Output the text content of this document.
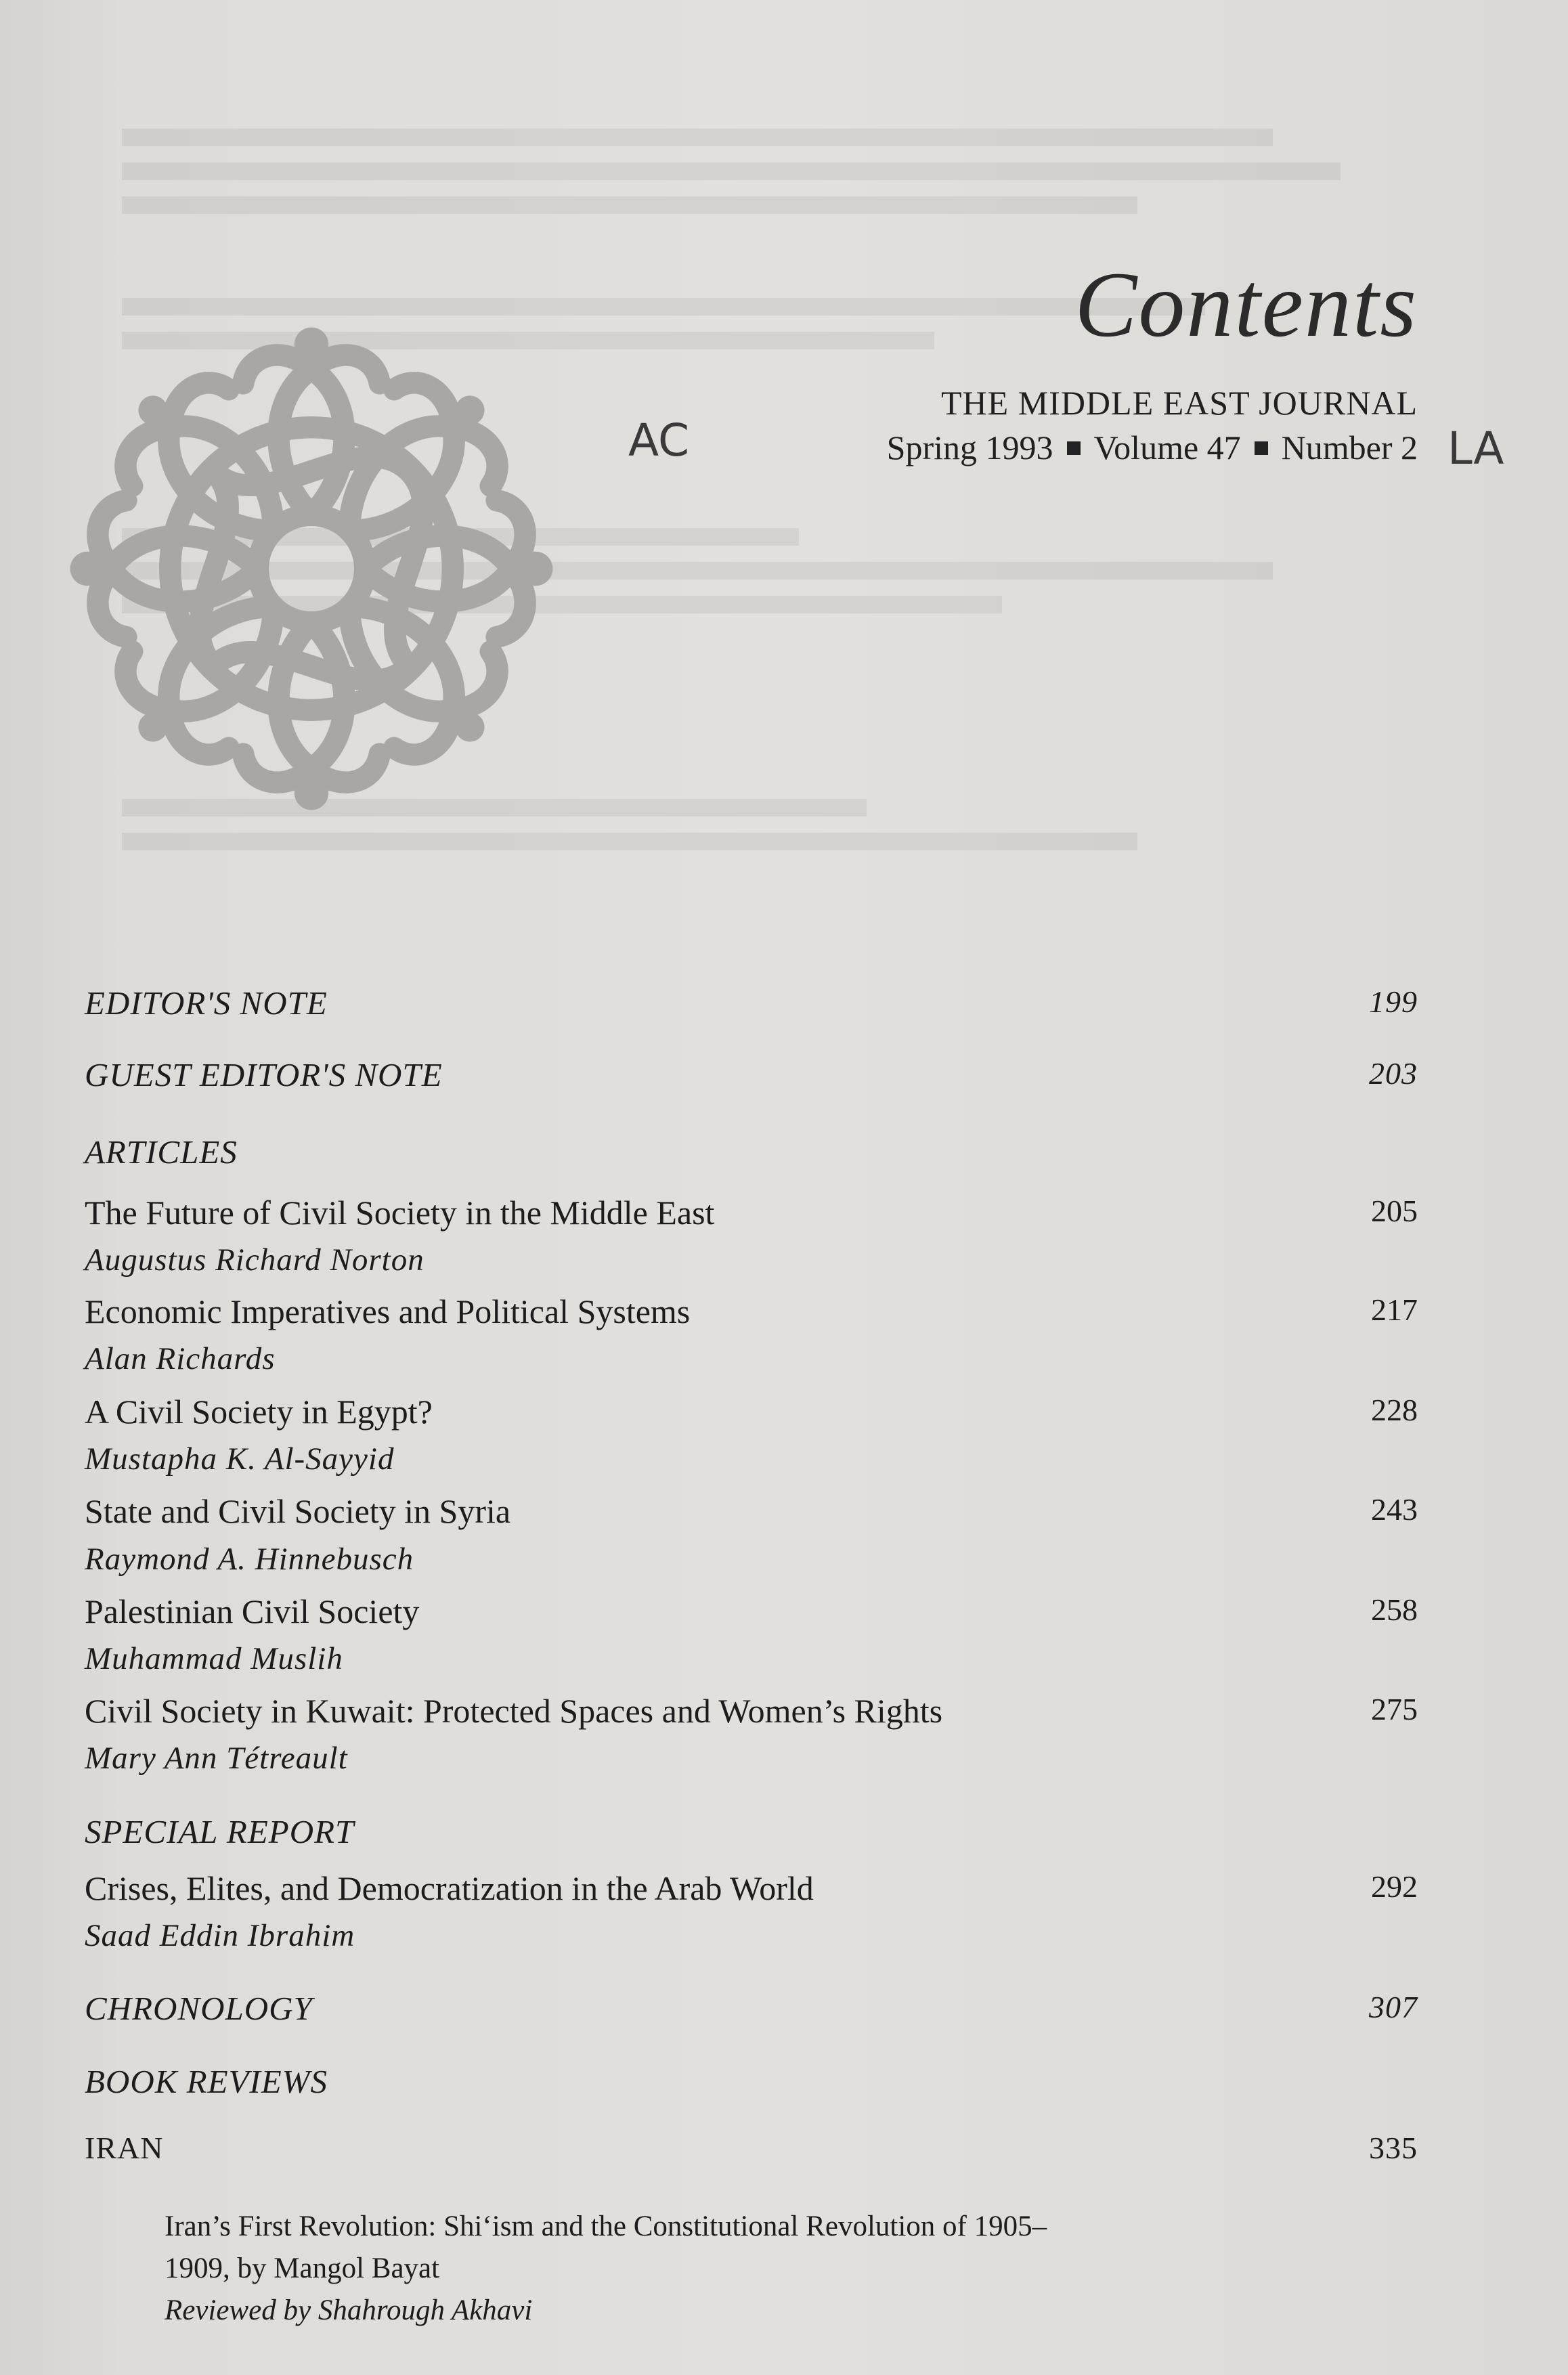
Contents
THE MIDDLE EAST JOURNAL
Spring 1993 Volume 47 Number 2
AC	LA
EDITOR'S NOTE	199
GUEST EDITOR'S NOTE	203
ARTICLES
The Future of Civil Society in the Middle East	205
Augustus Richard Norton
Economic Imperatives and Political Systems	217
Alan Richards
A Civil Society in Egypt?	228
Mustapha K. Al-Sayyid
State and Civil Society in Syria	243
Raymond A. Hinnebusch
Palestinian Civil Society	258
Muhammad Muslih
Civil Society in Kuwait: Protected Spaces and Women’s Rights	275
Mary Ann Tétreault
SPECIAL REPORT
Crises, Elites, and Democratization in the Arab World	292
Saad Eddin Ibrahim
CHRONOLOGY	307
BOOK REVIEWS
IRAN	335
Iran’s First Revolution: Shi‘ism and the Constitutional Revolution of 1905–
1909, by Mangol Bayat
Reviewed by Shahrough Akhavi
